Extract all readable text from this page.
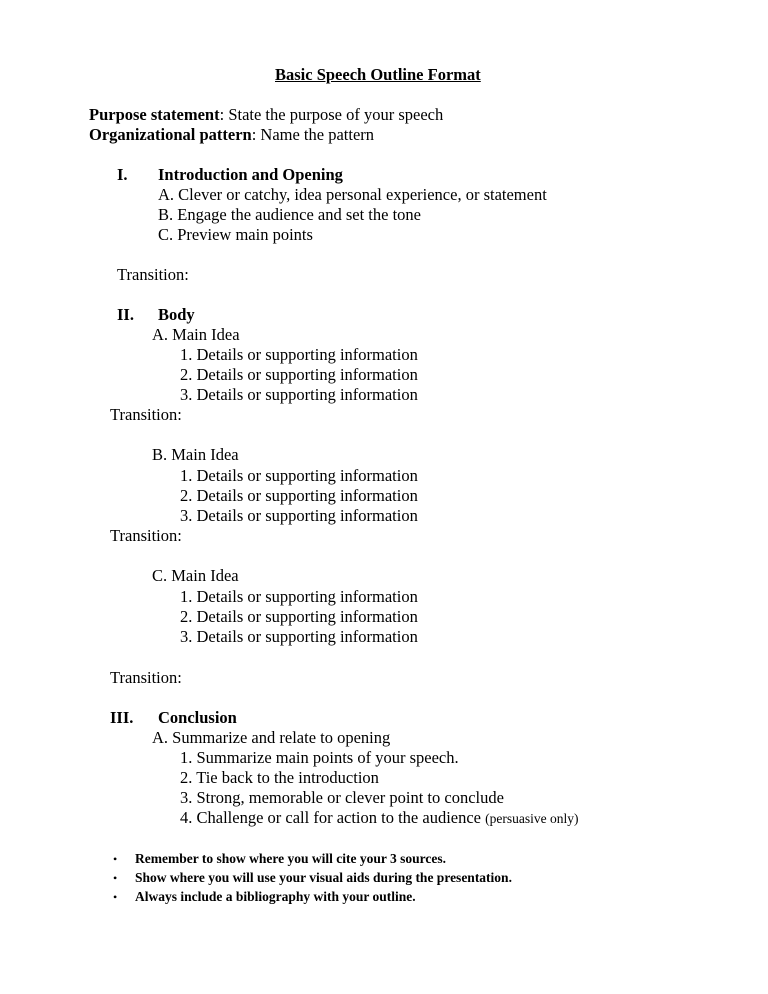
Basic Speech Outline Format
Purpose statement: State the purpose of your speech
Organizational pattern: Name the pattern
I. Introduction and Opening
A. Clever or catchy, idea personal experience, or statement
B. Engage the audience and set the tone
C. Preview main points
Transition:
II. Body
A. Main Idea
1. Details or supporting information
2. Details or supporting information
3. Details or supporting information
Transition:
B. Main Idea
1. Details or supporting information
2. Details or supporting information
3. Details or supporting information
Transition:
C. Main Idea
1. Details or supporting information
2. Details or supporting information
3. Details or supporting information
Transition:
III. Conclusion
A. Summarize and relate to opening
1. Summarize main points of your speech.
2. Tie back to the introduction
3. Strong, memorable or clever point to conclude
4. Challenge or call for action to the audience (persuasive only)
• Remember to show where you will cite your 3 sources.
• Show where you will use your visual aids during the presentation.
• Always include a bibliography with your outline.
